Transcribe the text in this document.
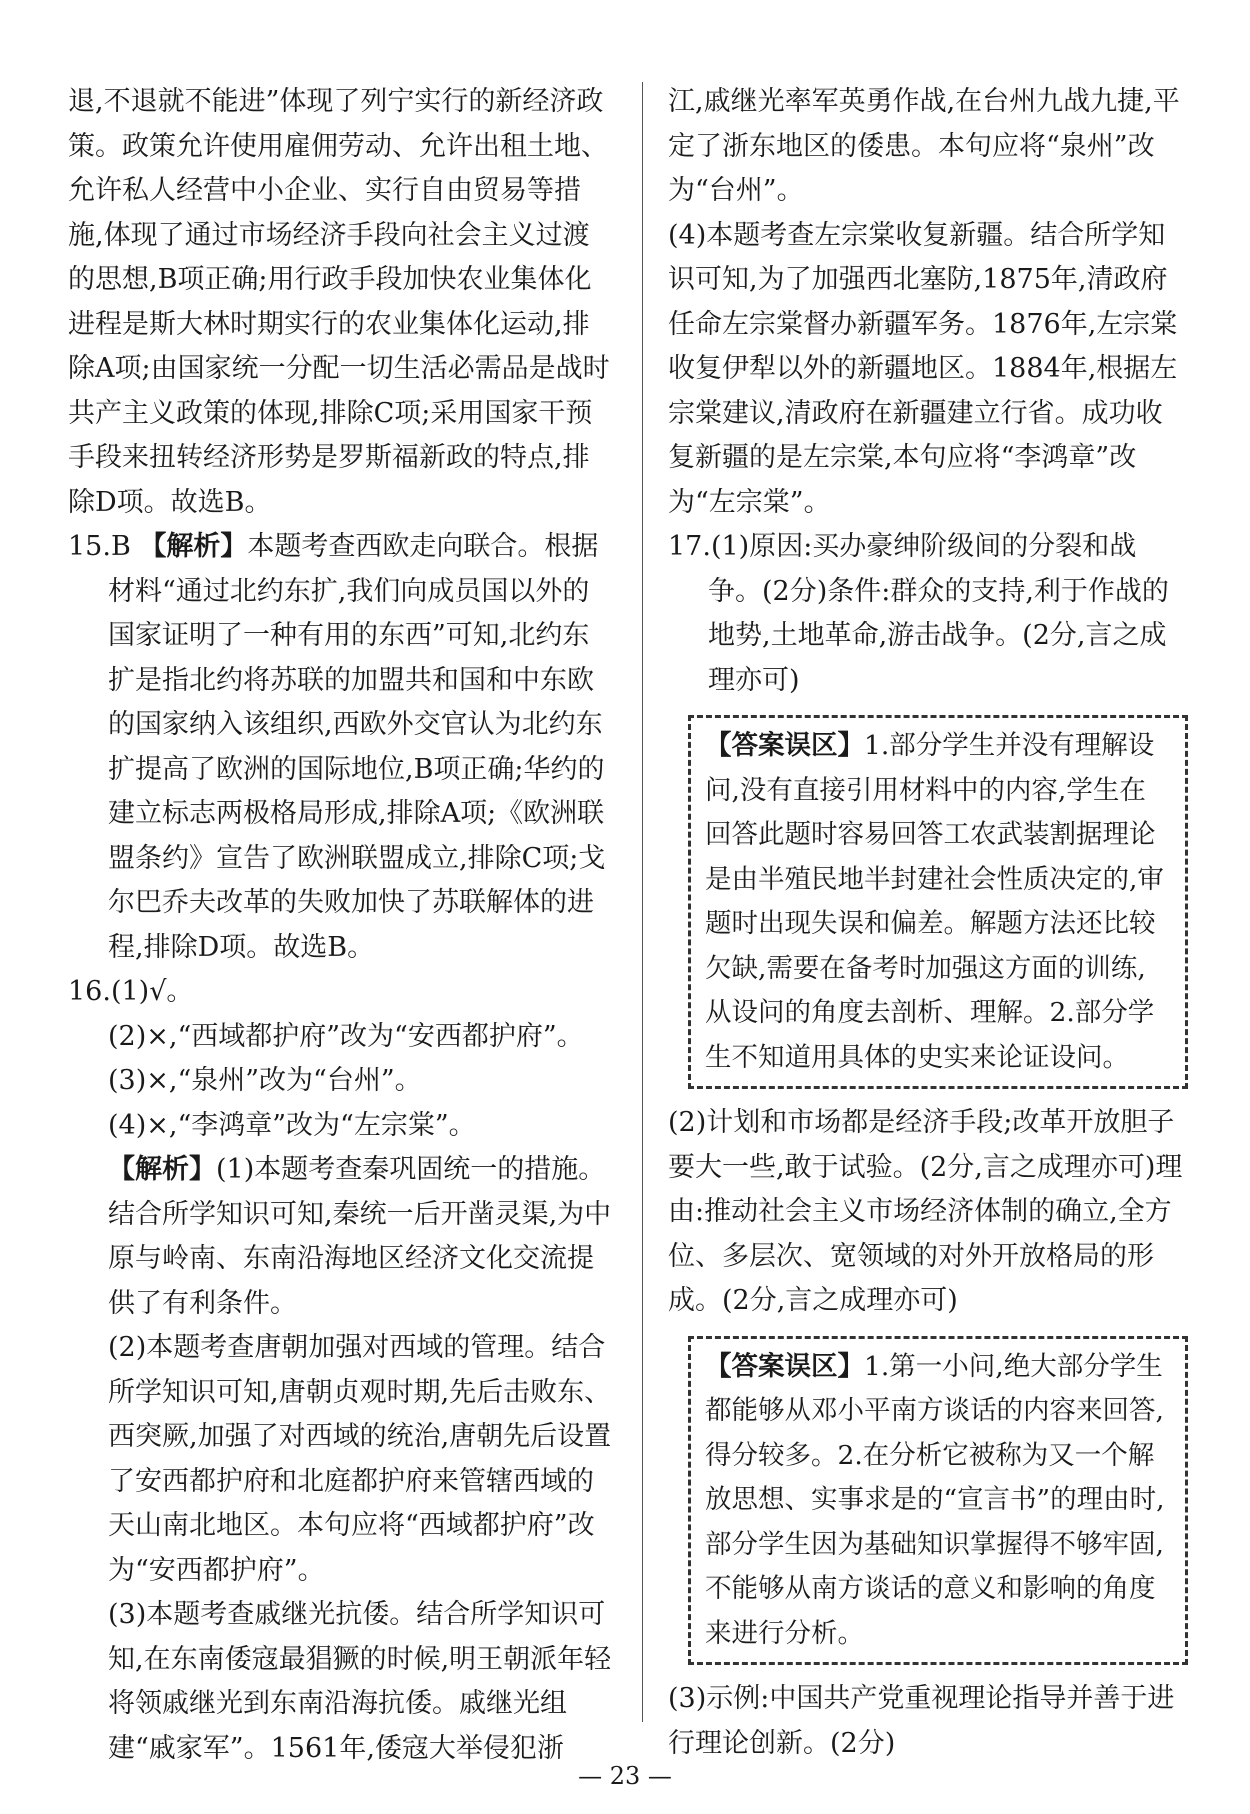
退,不退就不能进”体现了列宁实行的新经济政策。政策允许使用雇佣劳动、允许出租土地、允许私人经营中小企业、实行自由贸易等措施,体现了通过市场经济手段向社会主义过渡的思想,B项正确;用行政手段加快农业集体化进程是斯大林时期实行的农业集体化运动,排除A项;由国家统一分配一切生活必需品是战时共产主义政策的体现,排除C项;采用国家干预手段来扭转经济形势是罗斯福新政的特点,排除D项。故选B。

15.B 【解析】本题考查西欧走向联合。根据材料“通过北约东扩,我们向成员国以外的国家证明了一种有用的东西”可知,北约东扩是指北约将苏联的加盟共和国和中东欧的国家纳入该组织,西欧外交官认为北约东扩提高了欧洲的国际地位,B项正确;华约的建立标志两极格局形成,排除A项;《欧洲联盟条约》宣告了欧洲联盟成立,排除C项;戈尔巴乔夫改革的失败加快了苏联解体的进程,排除D项。故选B。

16.(1)√。

(2)×,“西域都护府”改为“安西都护府”。

(3)×,“泉州”改为“台州”。

(4)×,“李鸿章”改为“左宗棠”。

【解析】(1)本题考查秦巩固统一的措施。结合所学知识可知,秦统一后开凿灵渠,为中原与岭南、东南沿海地区经济文化交流提供了有利条件。

(2)本题考查唐朝加强对西域的管理。结合所学知识可知,唐朝贞观时期,先后击败东、西突厥,加强了对西域的统治,唐朝先后设置了安西都护府和北庭都护府来管辖西域的天山南北地区。本句应将“西域都护府”改为“安西都护府”。

(3)本题考查戚继光抗倭。结合所学知识可知,在东南倭寇最猖獗的时候,明王朝派年轻将领戚继光到东南沿海抗倭。戚继光组建“戚家军”。1561年,倭寇大举侵犯浙

江,戚继光率军英勇作战,在台州九战九捷,平定了浙东地区的倭患。本句应将“泉州”改为“台州”。

(4)本题考查左宗棠收复新疆。结合所学知识可知,为了加强西北塞防,1875年,清政府任命左宗棠督办新疆军务。1876年,左宗棠收复伊犁以外的新疆地区。1884年,根据左宗棠建议,清政府在新疆建立行省。成功收复新疆的是左宗棠,本句应将“李鸿章”改为“左宗棠”。

17.(1)原因:买办豪绅阶级间的分裂和战争。(2分)条件:群众的支持,利于作战的地势,土地革命,游击战争。(2分,言之成理亦可)

【答案误区】1.部分学生并没有理解设问,没有直接引用材料中的内容,学生在回答此题时容易回答工农武装割据理论是由半殖民地半封建社会性质决定的,审题时出现失误和偏差。解题方法还比较欠缺,需要在备考时加强这方面的训练,从设问的角度去剖析、理解。2.部分学生不知道用具体的史实来论证设问。

(2)计划和市场都是经济手段;改革开放胆子要大一些,敢于试验。(2分,言之成理亦可)理由:推动社会主义市场经济体制的确立,全方位、多层次、宽领域的对外开放格局的形成。(2分,言之成理亦可)

【答案误区】1.第一小问,绝大部分学生都能够从邓小平南方谈话的内容来回答,得分较多。2.在分析它被称为又一个解放思想、实事求是的“宣言书”的理由时,部分学生因为基础知识掌握得不够牢固,不能够从南方谈话的意义和影响的角度来进行分析。

(3)示例:中国共产党重视理论指导并善于进行理论创新。(2分)

— 23 —
